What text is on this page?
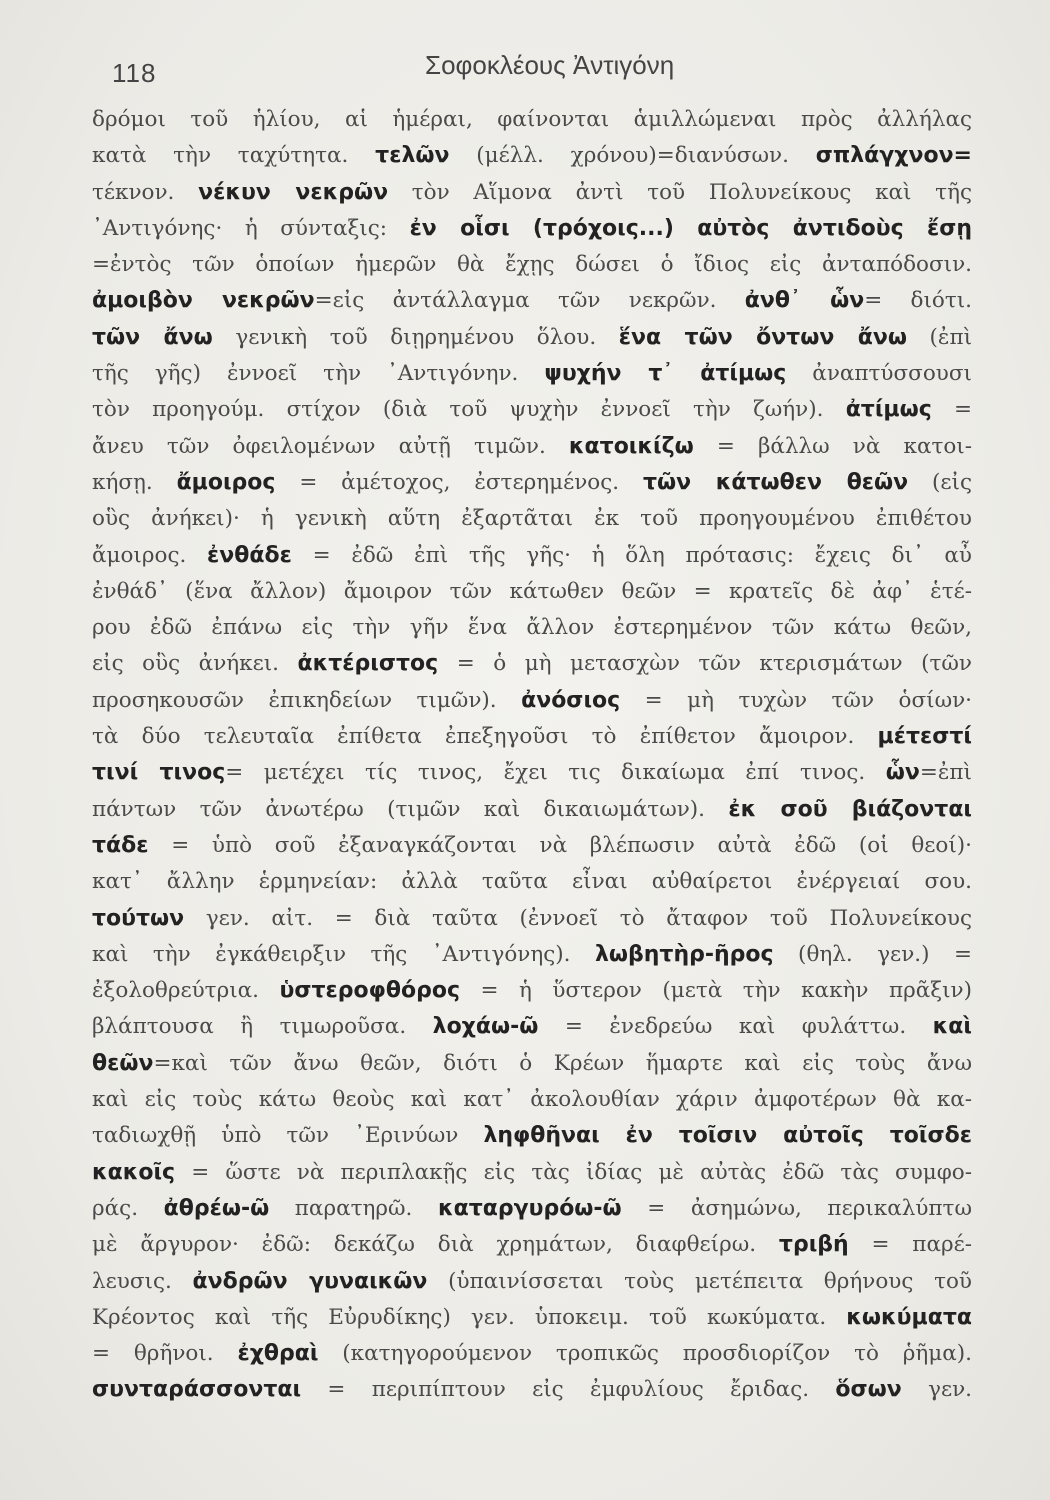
118	Σοφοκλέους Ἀντιγόνη
δρόμοι τοῦ ἡλίου, αἱ ἡμέραι, φαίνονται ἁμιλλώμεναι πρὸς ἀλλήλας
κατὰ τὴν ταχύτητα. τελῶν (μέλλ. χρόνου)=διανύσων. σπλάγχνον=
τέκνον. νέκυν νεκρῶν τὸν Αἵμονα ἀντὶ τοῦ Πολυνείκους καὶ τῆς
᾿Αντιγόνης· ἡ σύνταξις: ἐν οἷσι (τρόχοις...) αὐτὸς ἀντιδοὺς ἔσῃ
=ἐντὸς τῶν ὁποίων ἡμερῶν θὰ ἔχῃς δώσει ὁ ἴδιος εἰς ἀνταπόδοσιν.
ἀμοιβὸν νεκρῶν=εἰς ἀντάλλαγμα τῶν νεκρῶν. ἀνθ᾿ ὧν= διότι.
τῶν ἄνω γενικὴ τοῦ διῃρημένου ὅλου. ἕνα τῶν ὄντων ἄνω (ἐπὶ
τῆς γῆς) ἐννοεῖ τὴν ᾿Αντιγόνην. ψυχήν τ᾿ ἀτίμως ἀναπτύσσουσι
τὸν προηγούμ. στίχον (διὰ τοῦ ψυχὴν ἐννοεῖ τὴν ζωήν). ἀτίμως =
ἄνευ τῶν ὀφειλομένων αὐτῇ τιμῶν. κατοικίζω = βάλλω νὰ κατοι-
κήσῃ. ἄμοιρος = ἀμέτοχος, ἐστερημένος. τῶν κάτωθεν θεῶν (εἰς
οὓς ἀνήκει)· ἡ γενικὴ αὕτη ἐξαρτᾶται ἐκ τοῦ προηγουμένου ἐπιθέτου
ἄμοιρος. ἐνθάδε = ἐδῶ ἐπὶ τῆς γῆς· ἡ ὅλη πρότασις: ἔχεις δι᾿ αὖ
ἐνθάδ᾿ (ἕνα ἄλλον) ἄμοιρον τῶν κάτωθεν θεῶν = κρατεῖς δὲ ἀφ᾿ ἑτέ-
ρου ἐδῶ ἐπάνω εἰς τὴν γῆν ἕνα ἄλλον ἐστερημένον τῶν κάτω θεῶν,
εἰς οὓς ἀνήκει. ἀκτέριστος = ὁ μὴ μετασχὼν τῶν κτερισμάτων (τῶν
προσηκουσῶν ἐπικηδείων τιμῶν). ἀνόσιος = μὴ τυχὼν τῶν ὁσίων·
τὰ δύο τελευταῖα ἐπίθετα ἐπεξηγοῦσι τὸ ἐπίθετον ἄμοιρον. μέτεστί
τινί τινος= μετέχει τίς τινος, ἔχει τις δικαίωμα ἐπί τινος. ὧν=ἐπὶ
πάντων τῶν ἀνωτέρω (τιμῶν καὶ δικαιωμάτων). ἐκ σοῦ βιάζονται
τάδε = ὑπὸ σοῦ ἐξαναγκάζονται νὰ βλέπωσιν αὐτὰ ἐδῶ (οἱ θεοί)·
κατ᾿ ἄλλην ἑρμηνείαν: ἀλλὰ ταῦτα εἶναι αὐθαίρετοι ἐνέργειαί σου.
τούτων γεν. αἰτ. = διὰ ταῦτα (ἐννοεῖ τὸ ἄταφον τοῦ Πολυνείκους
καὶ τὴν ἐγκάθειρξιν τῆς ᾿Αντιγόνης). λωβητὴρ-ῆρος (θηλ. γεν.) =
ἐξολοθρεύτρια. ὑστεροφθόρος = ἡ ὕστερον (μετὰ τὴν κακὴν πρᾶξιν)
βλάπτουσα ἢ τιμωροῦσα. λοχάω-ῶ = ἐνεδρεύω καὶ φυλάττω. καὶ
θεῶν=καὶ τῶν ἄνω θεῶν, διότι ὁ Κρέων ἥμαρτε καὶ εἰς τοὺς ἄνω
καὶ εἰς τοὺς κάτω θεοὺς καὶ κατ᾿ ἀκολουθίαν χάριν ἀμφοτέρων θὰ κα-
ταδιωχθῇ ὑπὸ τῶν ᾿Ερινύων ληφθῆναι ἐν τοῖσιν αὐτοῖς τοῖσδε
κακοῖς = ὥστε νὰ περιπλακῇς εἰς τὰς ἰδίας μὲ αὐτὰς ἐδῶ τὰς συμφο-
ράς. ἀθρέω-ῶ παρατηρῶ. καταργυρόω-ῶ = ἀσημώνω, περικαλύπτω
μὲ ἄργυρον· ἐδῶ: δεκάζω διὰ χρημάτων, διαφθείρω. τριβή = παρέ-
λευσις. ἀνδρῶν γυναικῶν (ὑπαινίσσεται τοὺς μετέπειτα θρήνους τοῦ
Κρέοντος καὶ τῆς Εὐρυδίκης) γεν. ὑποκειμ. τοῦ κωκύματα. κωκύματα
= θρῆνοι. ἐχθραὶ (κατηγορούμενον τροπικῶς προσδιορίζον τὸ ῥῆμα).
συνταράσσονται = περιπίπτουν εἰς ἐμφυλίους ἔριδας. ὅσων γεν.
